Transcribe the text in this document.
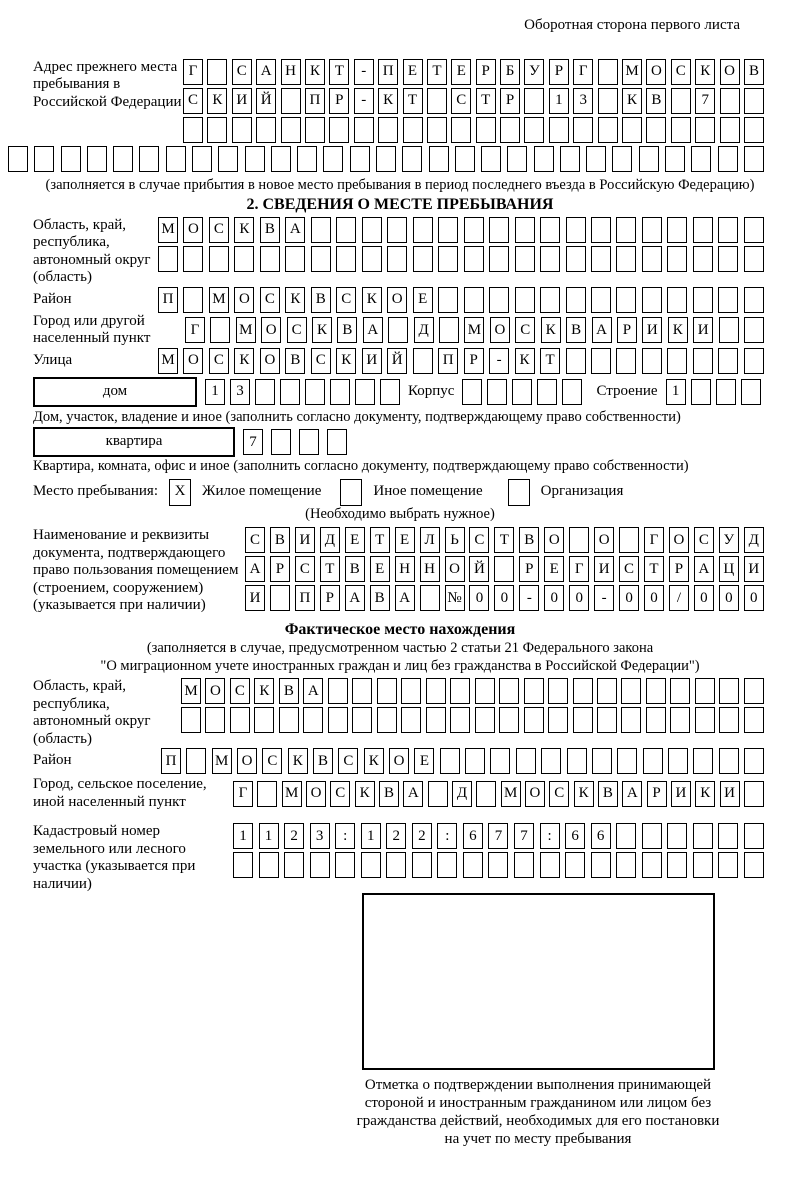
Оборотная сторона первого листа
Адрес прежнего места пребывания в Российской Федерации
Г	С А Н К Т	-	П Е	Т	Е	Р	Б У Р	Г	М О С К О В
С К И Й	П Р	-	К Т	С Т	Р	1	3	К В	7
(заполняется в случае прибытия в новое место пребывания в период последнего въезда в Российскую Федерацию)
2. СВЕДЕНИЯ О МЕСТЕ ПРЕБЫВАНИЯ
Область, край, республика, автономный округ (область)
М О	С	К	В	А
Район	П	М О	С	К	В	С	К	О	Е
Город или другой населенный пункт
Г	М О С	К	В А	Д	М О С	К	В А	Р	И К И
Улица	М О	С	К	О	В	С	К	И Й	П	Р	-	К	Т
дом	1	3	Корпус	Строение 1
Дом, участок, владение и иное (заполнить согласно документу, подтверждающему право собственности)
квартира	7
Квартира, комната, офис и иное (заполнить согласно документу, подтверждающему право собственности)
Место пребывания:	X	Жилое помещение	Иное помещение	Организация
(Необходимо выбрать нужное)
Наименование и реквизиты документа, подтверждающего право пользования помещением (строением, сооружением) (указывается при наличии)
С В И Д	Е	Т	Е	Л	Ь	С	Т	В О	О	Г	О С У Д
А	Р	С	Т	В	Е Н Н О Й	Р	Е	Г	И С	Т	Р	А Ц И
И	П	Р	А В А	№ 0	0	-	0	0	-	0	0	/	0	0	0
Фактическое место нахождения
(заполняется в случае, предусмотренном частью 2 статьи 21 Федерального закона
"О миграционном учете иностранных граждан и лиц без гражданства в Российской Федерации")
Область, край, республика, автономный округ (область)
М О С К В А
Район	П	М О С	К	В	С	К О	Е
Город, сельское поселение, иной населенный пункт
Г	М О С К В А	Д	М О С К В А Р И К И
Кадастровый номер земельного или лесного участка (указывается при наличии)
1	1	2	3	:	1	2	2	:	6	7	7	:	6	6
Отметка о подтверждении выполнения принимающей стороной и иностранным гражданином или лицом без гражданства действий, необходимых для его постановки на учет по месту пребывания
